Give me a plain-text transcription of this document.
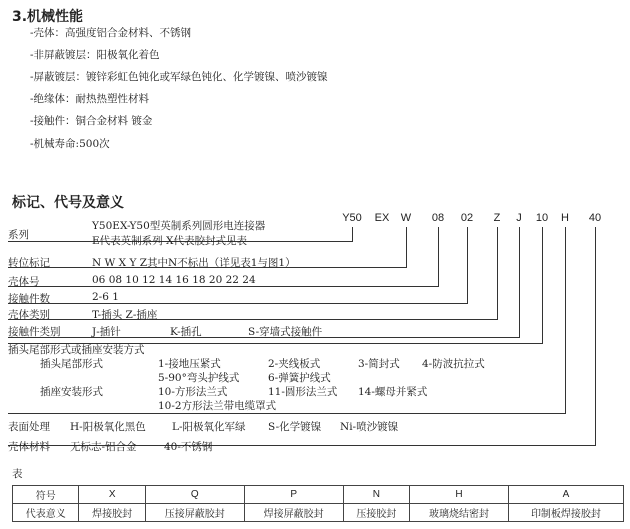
3.机械性能
-壳体：高强度铝合金材料、不锈钢
-非屏蔽镀层：阳极氧化着色
-屏蔽镀层：镀锌彩虹色钝化或军绿色钝化、化学镀镍、喷沙镀镍
-绝缘体：耐热热塑性材料
-接触件：铜合金材料 镀金
-机械寿命:500次
标记、代号及意义
Y50 EX	W	08	02	Z	J	10	H	40
系列
Y50EX-Y50型英制系列圆形电连接器
E代表英制系列 X代表胶封式见表
转位标记	N W X Y Z其中N不标出（详见表1与图1）
壳体号	06 08 10 12 14 16 18 20 22 24
接触件数	2-6 1
壳体类别	T-插头 Z-插座
接触件类别	J-插针	K-插孔	S-穿墙式接触件
插头尾部形式或插座安装方式
插头尾部形式	1-接地压紧式	2-夹线板式	3-简封式 4-防波抗拉式
5-90°弯头护线式	6-弹簧护线式
插座安装形式	10-方形法兰式	11-圆形法兰式 14-螺母并紧式
10-2方形法兰带电缆罩式
表面处理 H-阳极氧化黑色	L-阳极氧化军绿 S-化学镀镍 Ni-喷沙镀镍
壳体材料 无标志-铝合金	40-不锈钢
表
符号	X	Q	P	N	H	A
代表意义	焊接胶封	压接屏蔽胶封	焊接屏蔽胶封	压接胶封	玻璃烧结密封	印制板焊接胶封
